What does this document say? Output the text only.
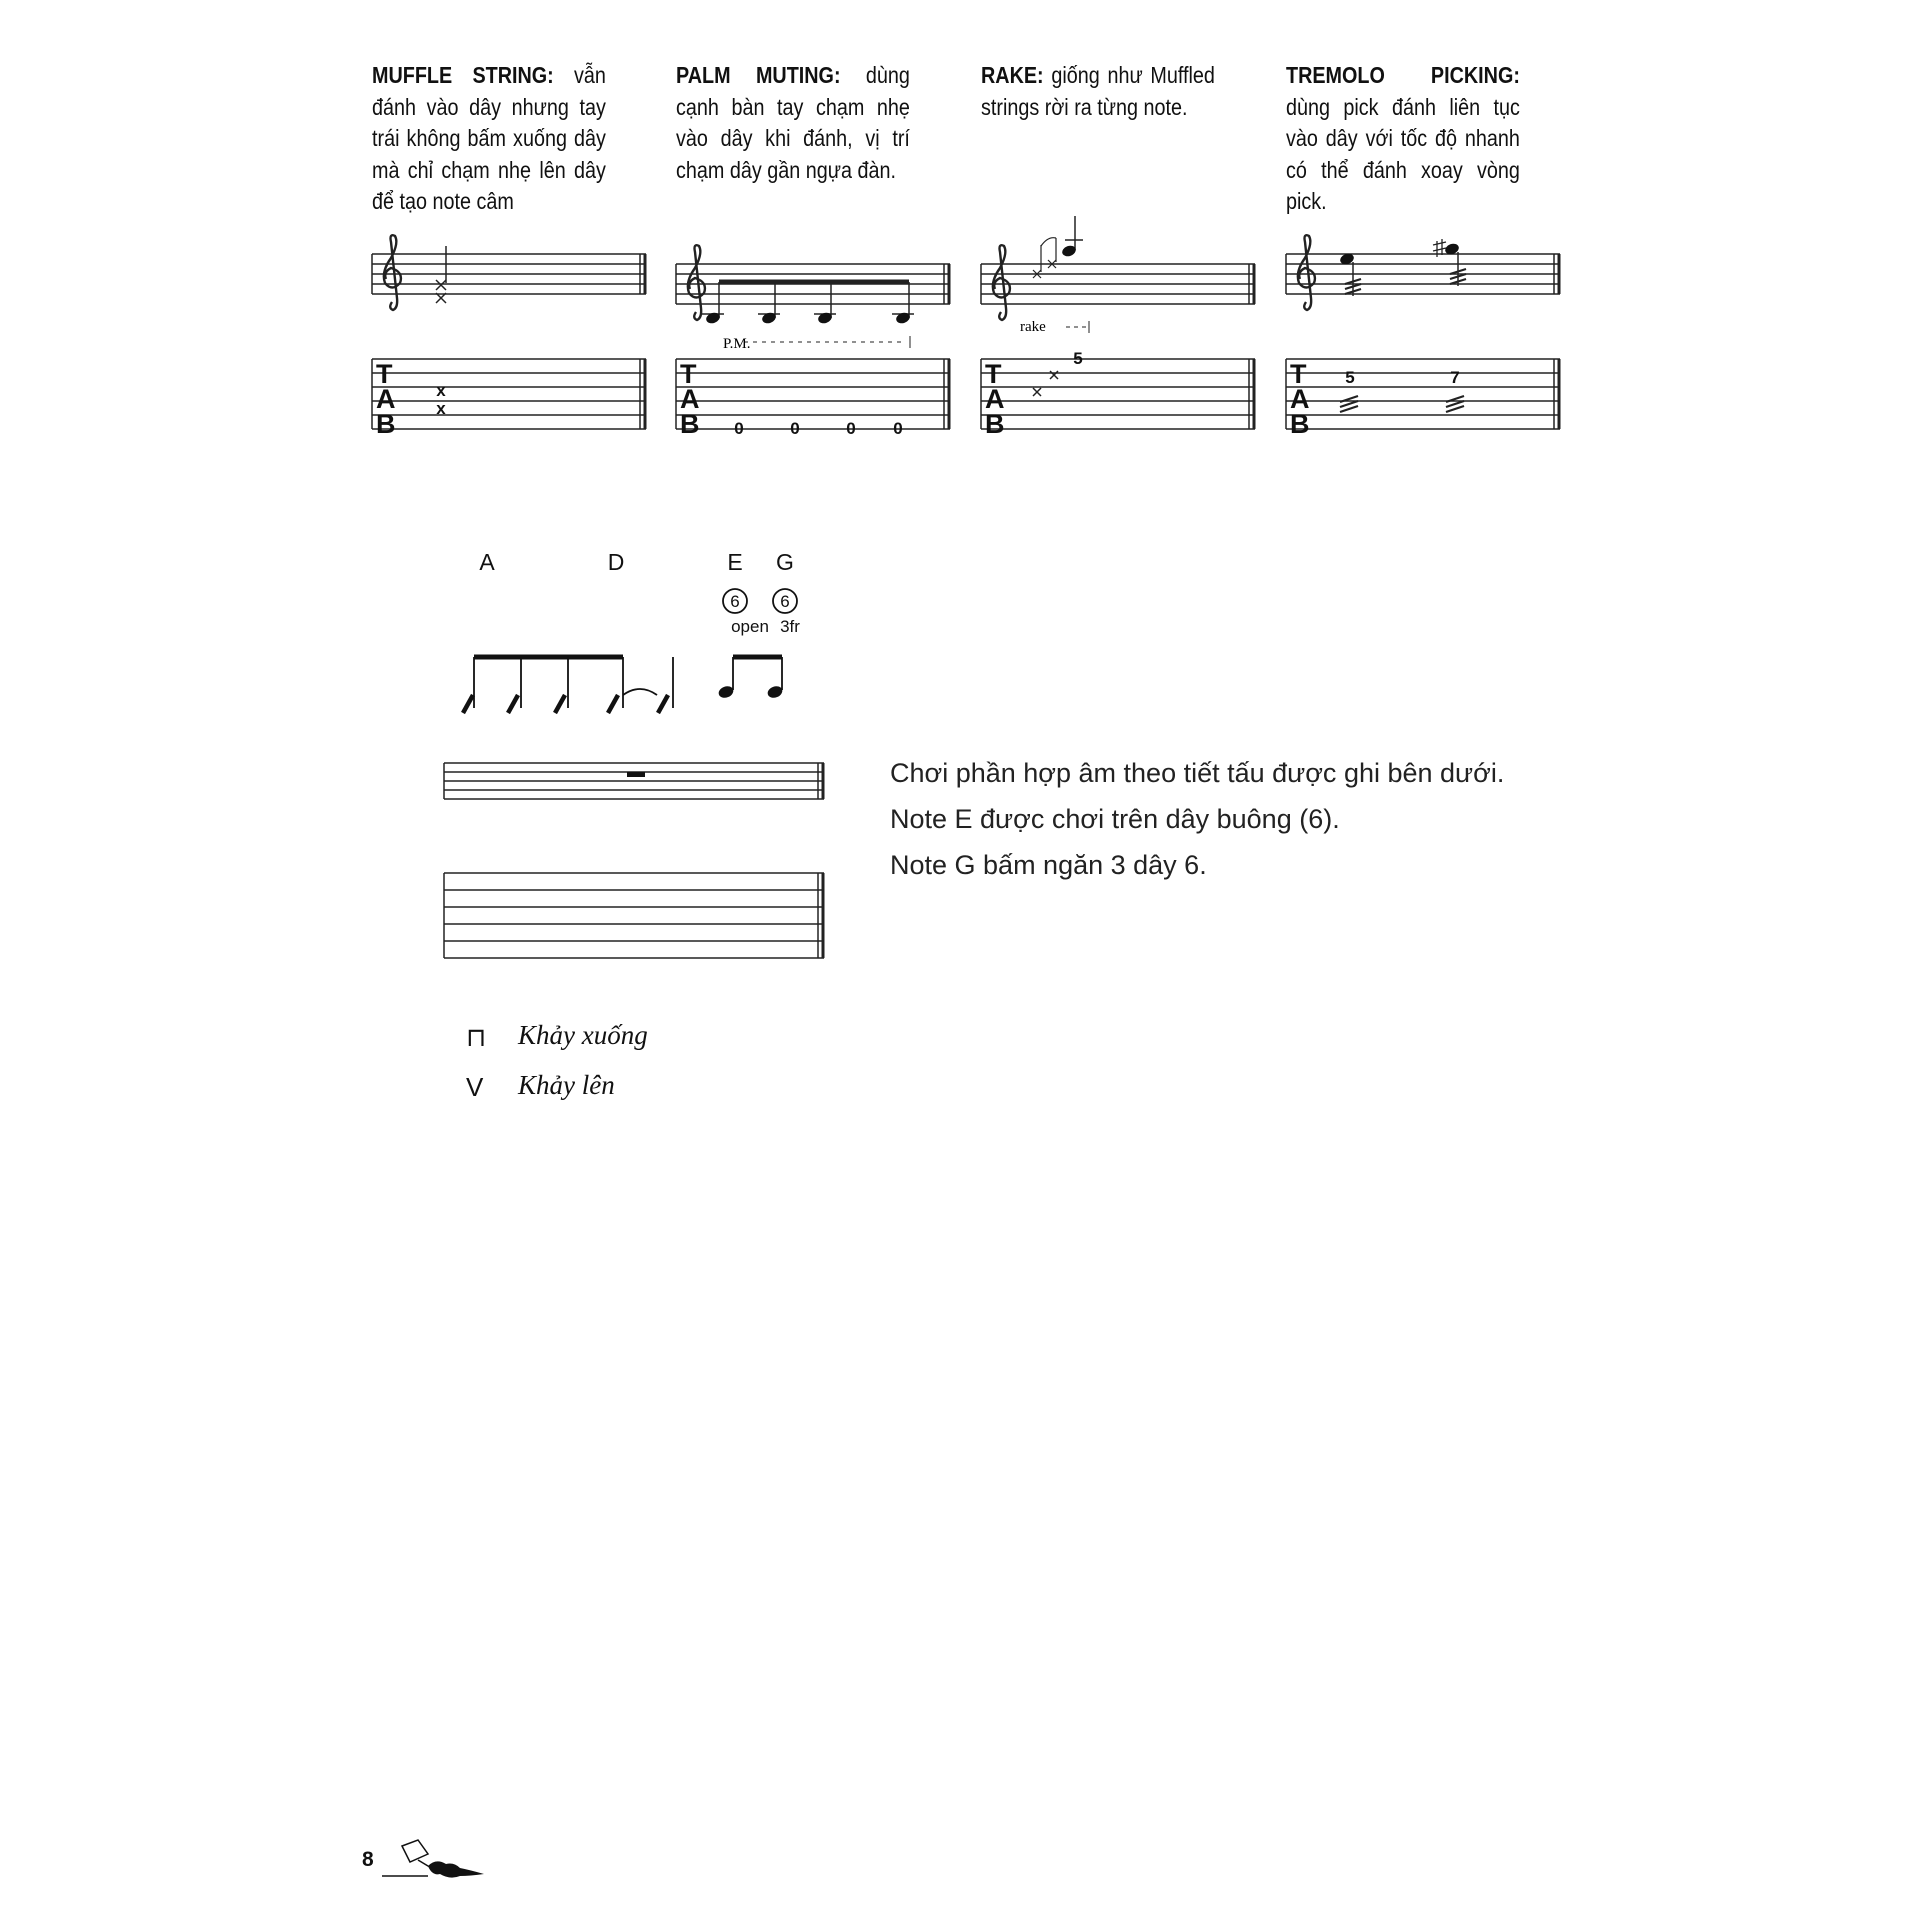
MUFFLE STRING: vẫn đánh vào dây nhưng tay trái không bấm xuống dây mà chỉ chạm nhẹ lên dây để tạo note câm
PALM MUTING: dùng cạnh bàn tay chạm nhẹ vào dây khi đánh, vị trí chạm dây gần ngựa đàn.
RAKE: giống như Muffled strings rời ra từng note.
TREMOLO PICKING: dùng pick đánh liên tục vào dây với tốc độ nhanh có thể đánh xoay vòng pick.
T
A
B
T
A
B
T
A
B
T
A
B
x
x
0	0	0 0
5
5	7
P.M.
rake
A	D	E G
6 6
open 3fr
Chơi phần hợp âm theo tiết tấu được ghi bên dưới.
Note E được chơi trên dây buông (6).
Note G bấm ngăn 3 dây 6.
⊓ Khảy xuống
V Khảy lên
8
